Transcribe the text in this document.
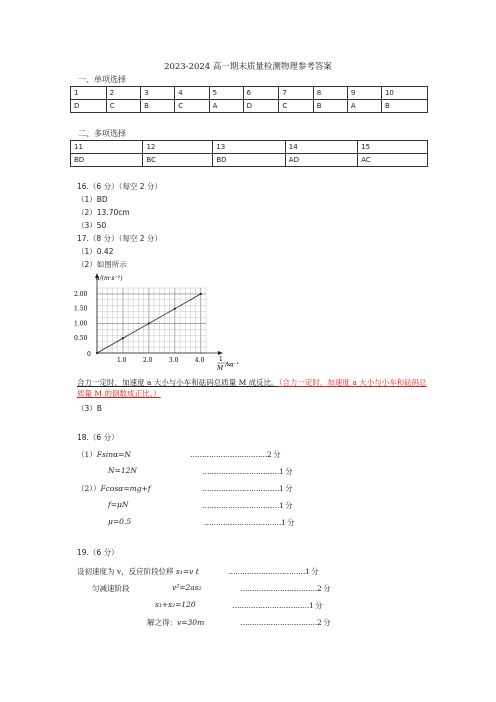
2023-2024 高一期末质量检测物理参考答案
一、单项选择
1	2	3	4	5	6	7	8	9	10
D	C	B	C	A	D	C	B	A	B
二、多项选择
11	12	13	14	15
BD	BC	BD	AD	AC
16.（6 分）（每空 2 分）
（1）BD
（2）13.70cm
（3）50
17.（8 分）（每空 2 分）
（1）0.42
（2）如图所示
1.0	2.0	3.0	4.0
0.50
1.00
1.50
2.00
a/(m·s⁻²)
1
M /kg⁻¹
0
合力一定时，加速度 a 大小与小车和砝码总质量 M 成反比。（合力一定时，加速度 a 大小与小车和砝码总质量 M 的倒数成正比。）
（3）B
18.（6 分）
（1）Fsinα=N	……………………………2 分
N=12N	……………………………1 分
（2））Fcosα=mg+f	……………………………1 分
f=μN	……………………………1 分
μ=0.5	……………………………1 分
19.（6 分）
设初速度为 v，反应阶段位移 s₁=v t	……………………………1 分
匀减速阶段	v²=2as₂	……………………………2 分
s₁+s₂=120	……………………………1 分
解之得：v=30m	……………………………2 分
